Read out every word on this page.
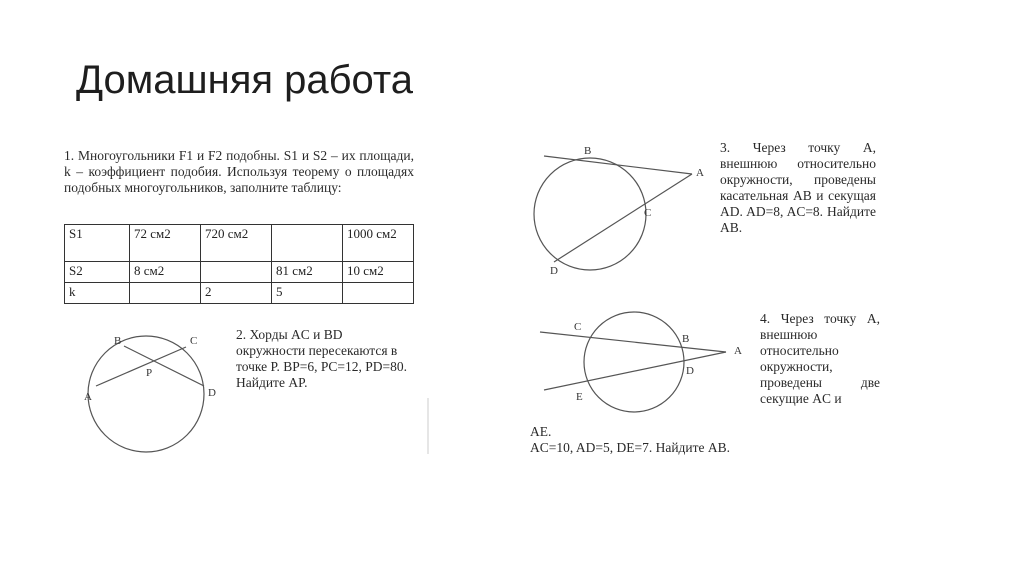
Домашняя работа
1. Многоугольники F1 и F2 подобны. S1 и S2 – их площади, k – коэффициент подобия. Используя теорему о площадях подобных многоугольников, заполните таблицу:
S1	72 см2	720 см2		1000 см2
S2	8 см2		81 см2	10 см2
k		2	5	
B	C
P
A	D
2. Хорды AC и BD окружности пересекаются в точке P. BP=6, PC=12, PD=80. Найдите AP.
B
A
C
D
3. Через точку A, внешнюю относительно окружности, проведены касательная AB и секущая AD. AD=8, AC=8. Найдите AB.
C
B
A
D
E
4. Через точку A, внешнюю относительно окружности, проведены две секущие AC и
AE.
AC=10, AD=5, DE=7. Найдите AB.
